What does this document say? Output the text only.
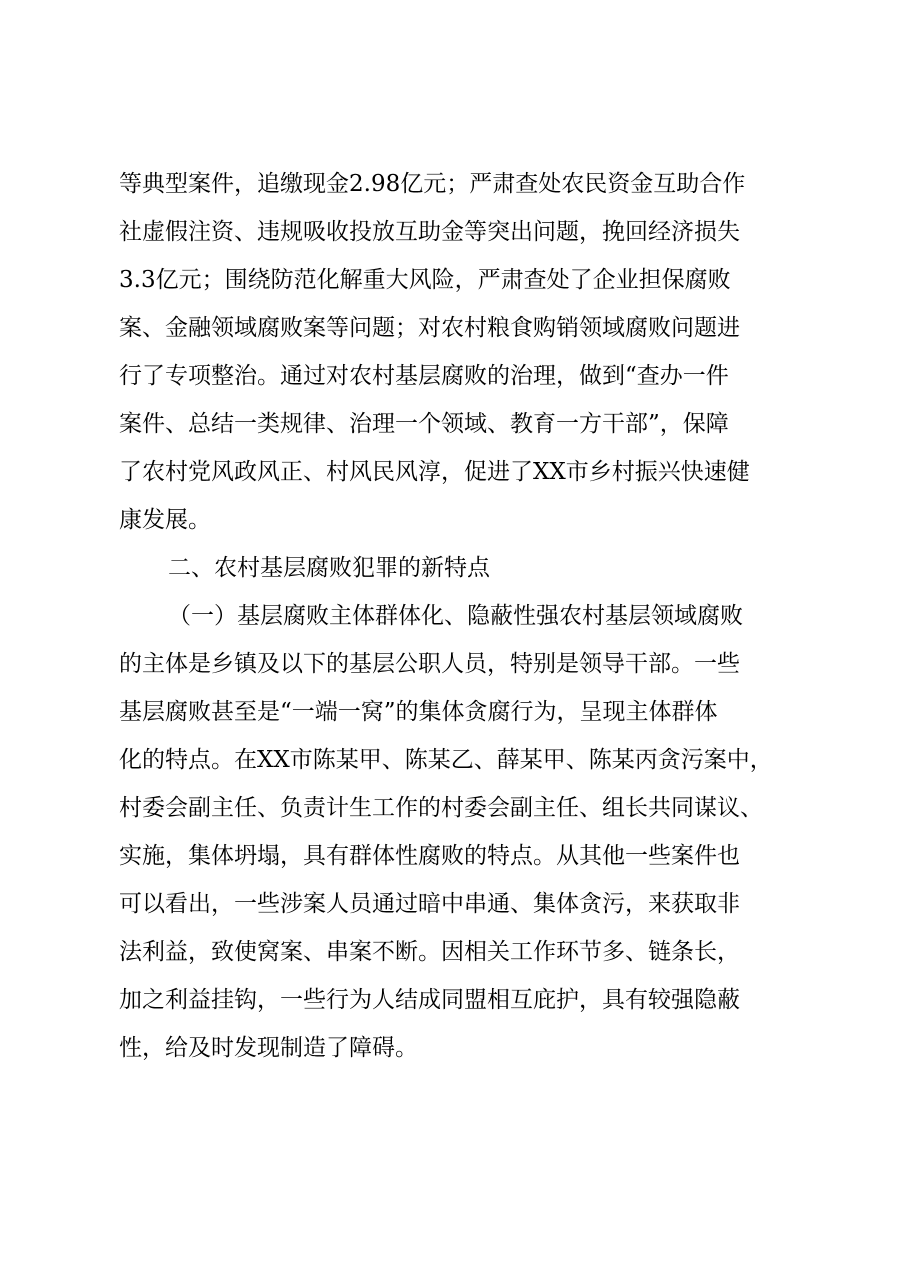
等典型案件，追缴现金2.98亿元；严肃查处农民资金互助合作
社虚假注资、违规吸收投放互助金等突出问题，挽回经济损失
3.3亿元；围绕防范化解重大风险，严肃查处了企业担保腐败
案、金融领域腐败案等问题；对农村粮食购销领域腐败问题进
行了专项整治。通过对农村基层腐败的治理，做到“查办一件
案件、总结一类规律、治理一个领域、教育一方干部”，保障
了农村党风政风正、村风民风淳，促进了XX市乡村振兴快速健
康发展。
二、农村基层腐败犯罪的新特点
（一）基层腐败主体群体化、隐蔽性强农村基层领域腐败
的主体是乡镇及以下的基层公职人员，特别是领导干部。一些
基层腐败甚至是“一端一窝”的集体贪腐行为，呈现主体群体
化的特点。在XX市陈某甲、陈某乙、薛某甲、陈某丙贪污案中，
村委会副主任、负责计生工作的村委会副主任、组长共同谋议、
实施，集体坍塌，具有群体性腐败的特点。从其他一些案件也
可以看出，一些涉案人员通过暗中串通、集体贪污，来获取非
法利益，致使窝案、串案不断。因相关工作环节多、链条长，
加之利益挂钩，一些行为人结成同盟相互庇护，具有较强隐蔽
性，给及时发现制造了障碍。
